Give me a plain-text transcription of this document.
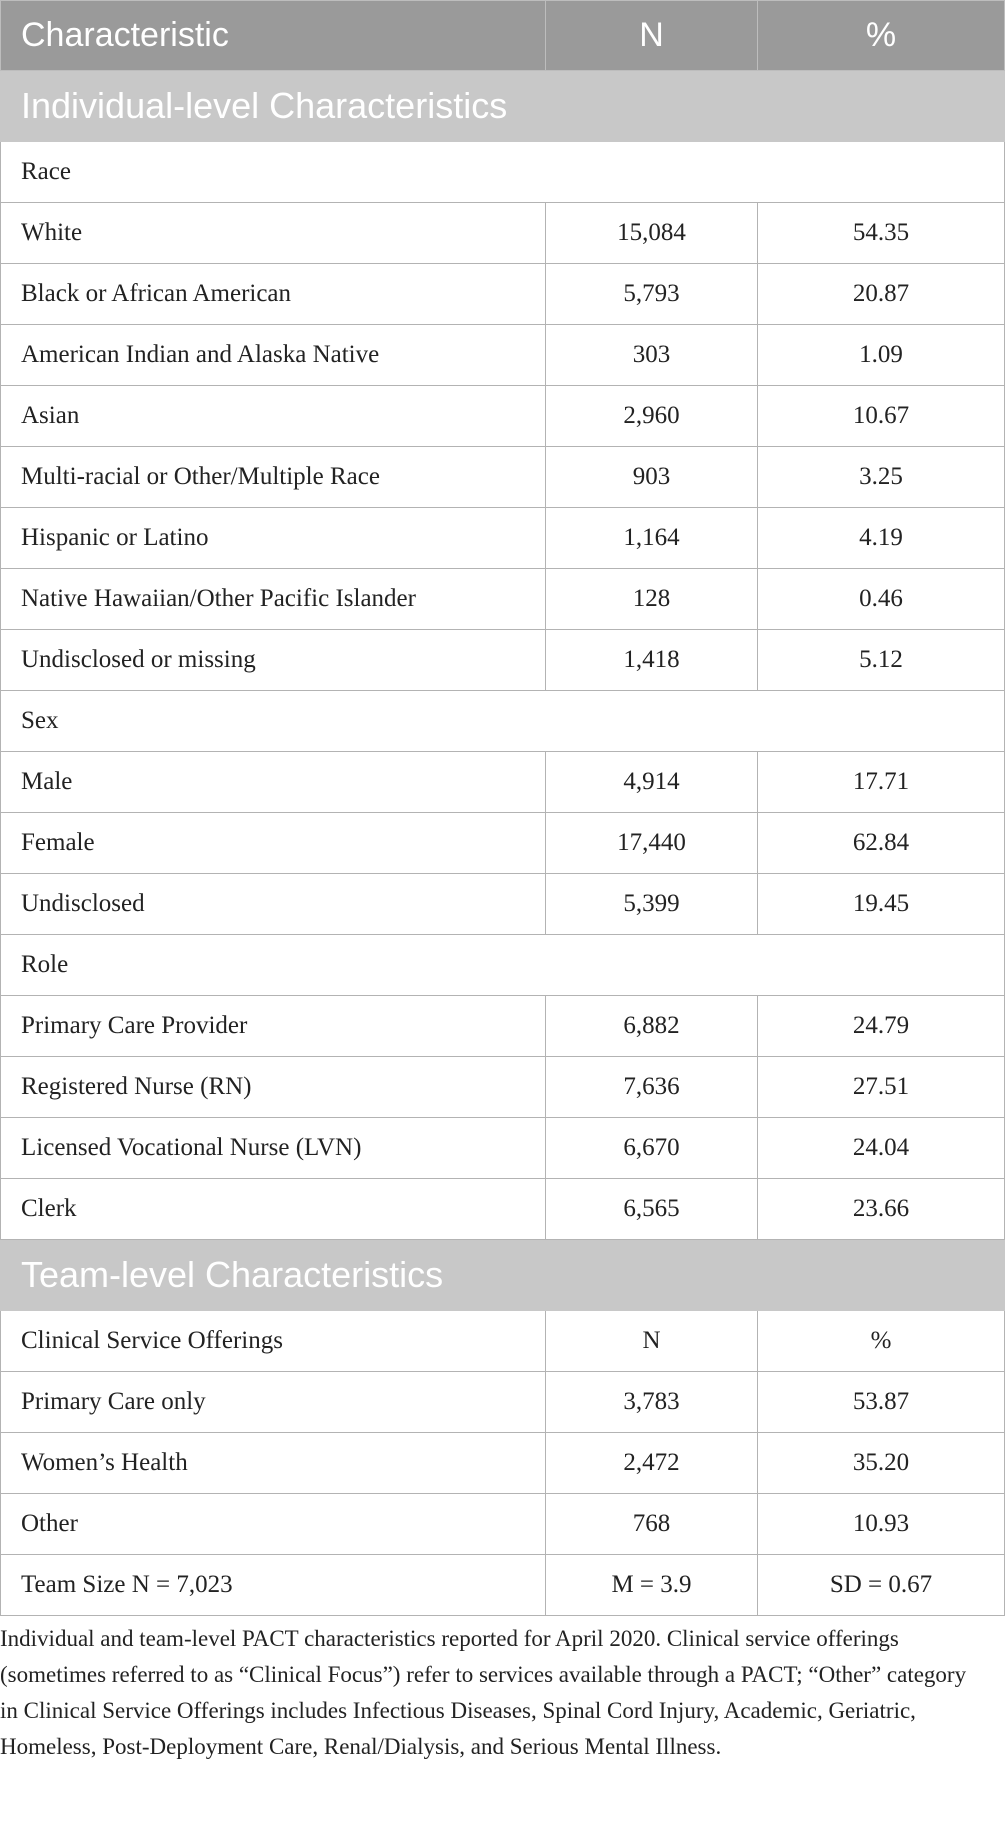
Characteristic	N	%
Individual-level Characteristics		
Race		
White	15,084	54.35
Black or African American	5,793	20.87
American Indian and Alaska Native	303	1.09
Asian	2,960	10.67
Multi-racial or Other/Multiple Race	903	3.25
Hispanic or Latino	1,164	4.19
Native Hawaiian/Other Pacific Islander	128	0.46
Undisclosed or missing	1,418	5.12
Sex		
Male	4,914	17.71
Female	17,440	62.84
Undisclosed	5,399	19.45
Role		
Primary Care Provider	6,882	24.79
Registered Nurse (RN)	7,636	27.51
Licensed Vocational Nurse (LVN)	6,670	24.04
Clerk	6,565	23.66
Team-level Characteristics		
Clinical Service Offerings	N	%
Primary Care only	3,783	53.87
Women’s Health	2,472	35.20
Other	768	10.93
Team Size N = 7,023	M = 3.9	SD = 0.67

Individual and team-level PACT characteristics reported for April 2020. Clinical service offerings (sometimes referred to as “Clinical Focus”) refer to services available through a PACT; “Other” category in Clinical Service Offerings includes Infectious Diseases, Spinal Cord Injury, Academic, Geriatric, Homeless, Post-Deployment Care, Renal/Dialysis, and Serious Mental Illness.
